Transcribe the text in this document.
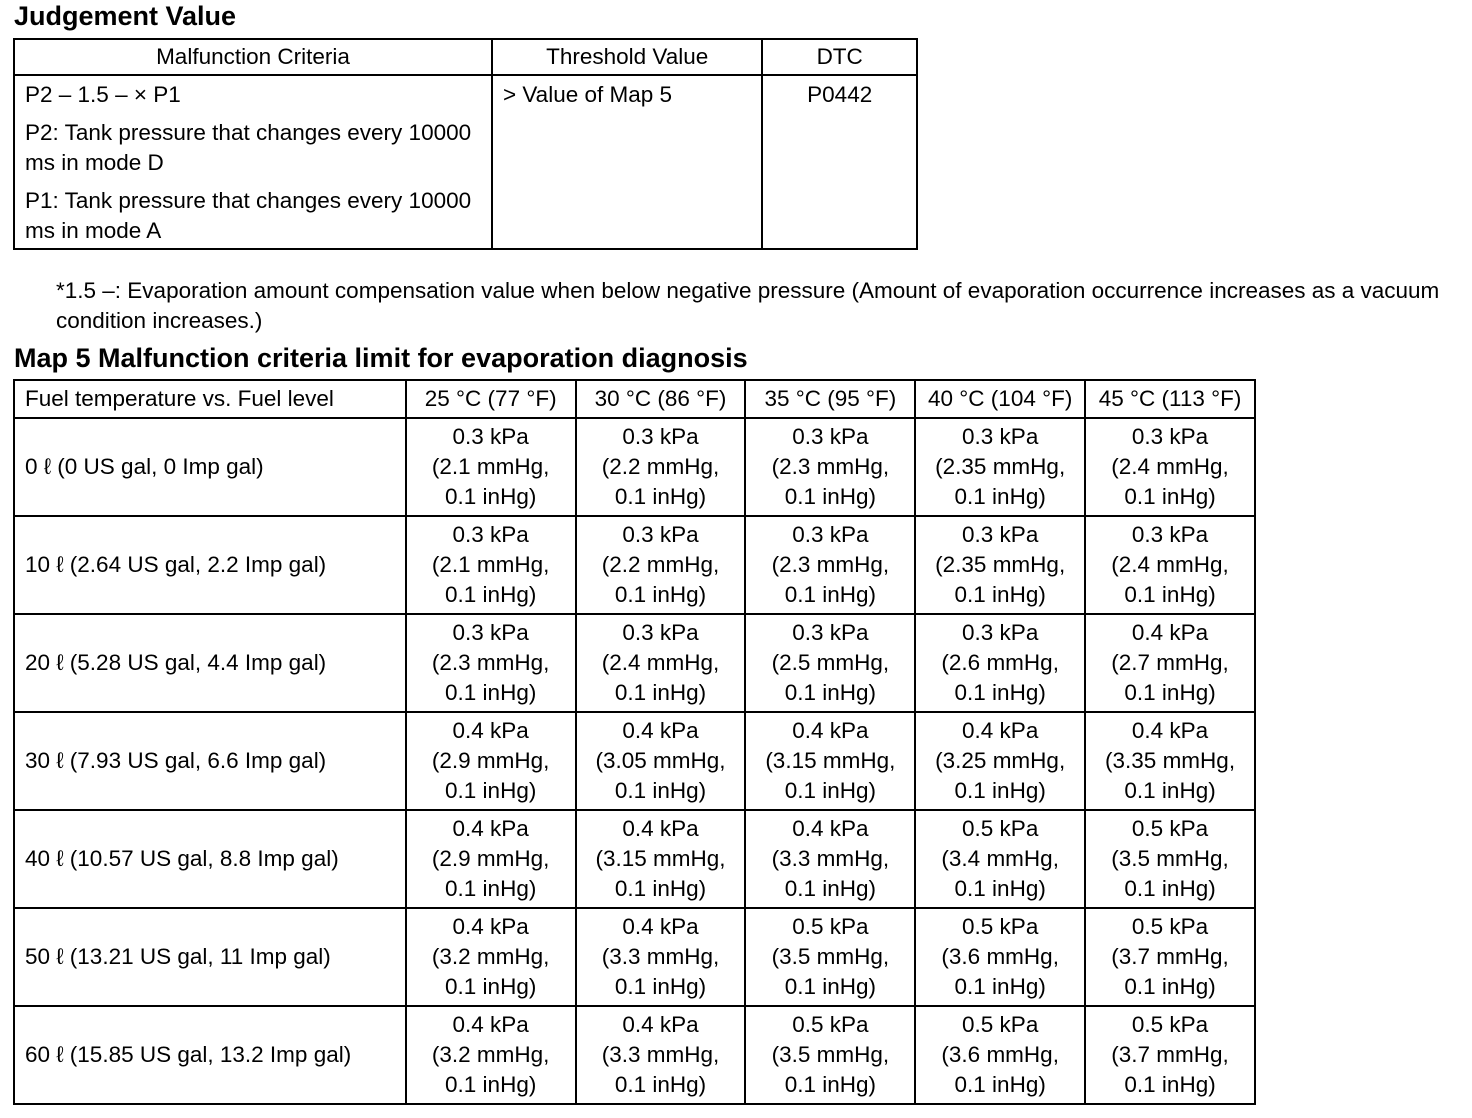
Judgement Value
Malfunction Criteria	Threshold Value	DTC

P2 – 1.5 – × P1
P2: Tank pressure that changes every 10000 ms in mode D
P1: Tank pressure that changes every 10000 ms in mode A	> Value of Map 5	P0442

*1.5 –: Evaporation amount compensation value when below negative pressure (Amount of evaporation occurrence increases as a vacuum condition increases.)

Map 5 Malfunction criteria limit for evaporation diagnosis
Fuel temperature vs. Fuel level	25 °C (77 °F)	30 °C (86 °F)	35 °C (95 °F)	40 °C (104 °F)	45 °C (113 °F)
0 ℓ (0 US gal, 0 Imp gal)	0.3 kPa
(2.1 mmHg,
0.1 inHg)	0.3 kPa
(2.2 mmHg,
0.1 inHg)	0.3 kPa
(2.3 mmHg,
0.1 inHg)	0.3 kPa
(2.35 mmHg,
0.1 inHg)	0.3 kPa
(2.4 mmHg,
0.1 inHg)

10 ℓ (2.64 US gal, 2.2 Imp gal)	0.3 kPa
(2.1 mmHg,
0.1 inHg)	0.3 kPa
(2.2 mmHg,
0.1 inHg)	0.3 kPa
(2.3 mmHg,
0.1 inHg)	0.3 kPa
(2.35 mmHg,
0.1 inHg)	0.3 kPa
(2.4 mmHg,
0.1 inHg)

20 ℓ (5.28 US gal, 4.4 Imp gal)	0.3 kPa
(2.3 mmHg,
0.1 inHg)	0.3 kPa
(2.4 mmHg,
0.1 inHg)	0.3 kPa
(2.5 mmHg,
0.1 inHg)	0.3 kPa
(2.6 mmHg,
0.1 inHg)	0.4 kPa
(2.7 mmHg,
0.1 inHg)

30 ℓ (7.93 US gal, 6.6 Imp gal)	0.4 kPa
(2.9 mmHg,
0.1 inHg)	0.4 kPa
(3.05 mmHg,
0.1 inHg)	0.4 kPa
(3.15 mmHg,
0.1 inHg)	0.4 kPa
(3.25 mmHg,
0.1 inHg)	0.4 kPa
(3.35 mmHg,
0.1 inHg)

40 ℓ (10.57 US gal, 8.8 Imp gal)	0.4 kPa
(2.9 mmHg,
0.1 inHg)	0.4 kPa
(3.15 mmHg,
0.1 inHg)	0.4 kPa
(3.3 mmHg,
0.1 inHg)	0.5 kPa
(3.4 mmHg,
0.1 inHg)	0.5 kPa
(3.5 mmHg,
0.1 inHg)

50 ℓ (13.21 US gal, 11 Imp gal)	0.4 kPa
(3.2 mmHg,
0.1 inHg)	0.4 kPa
(3.3 mmHg,
0.1 inHg)	0.5 kPa
(3.5 mmHg,
0.1 inHg)	0.5 kPa
(3.6 mmHg,
0.1 inHg)	0.5 kPa
(3.7 mmHg,
0.1 inHg)

60 ℓ (15.85 US gal, 13.2 Imp gal)	0.4 kPa
(3.2 mmHg,
0.1 inHg)	0.4 kPa
(3.3 mmHg,
0.1 inHg)	0.5 kPa
(3.5 mmHg,
0.1 inHg)	0.5 kPa
(3.6 mmHg,
0.1 inHg)	0.5 kPa
(3.7 mmHg,
0.1 inHg)
